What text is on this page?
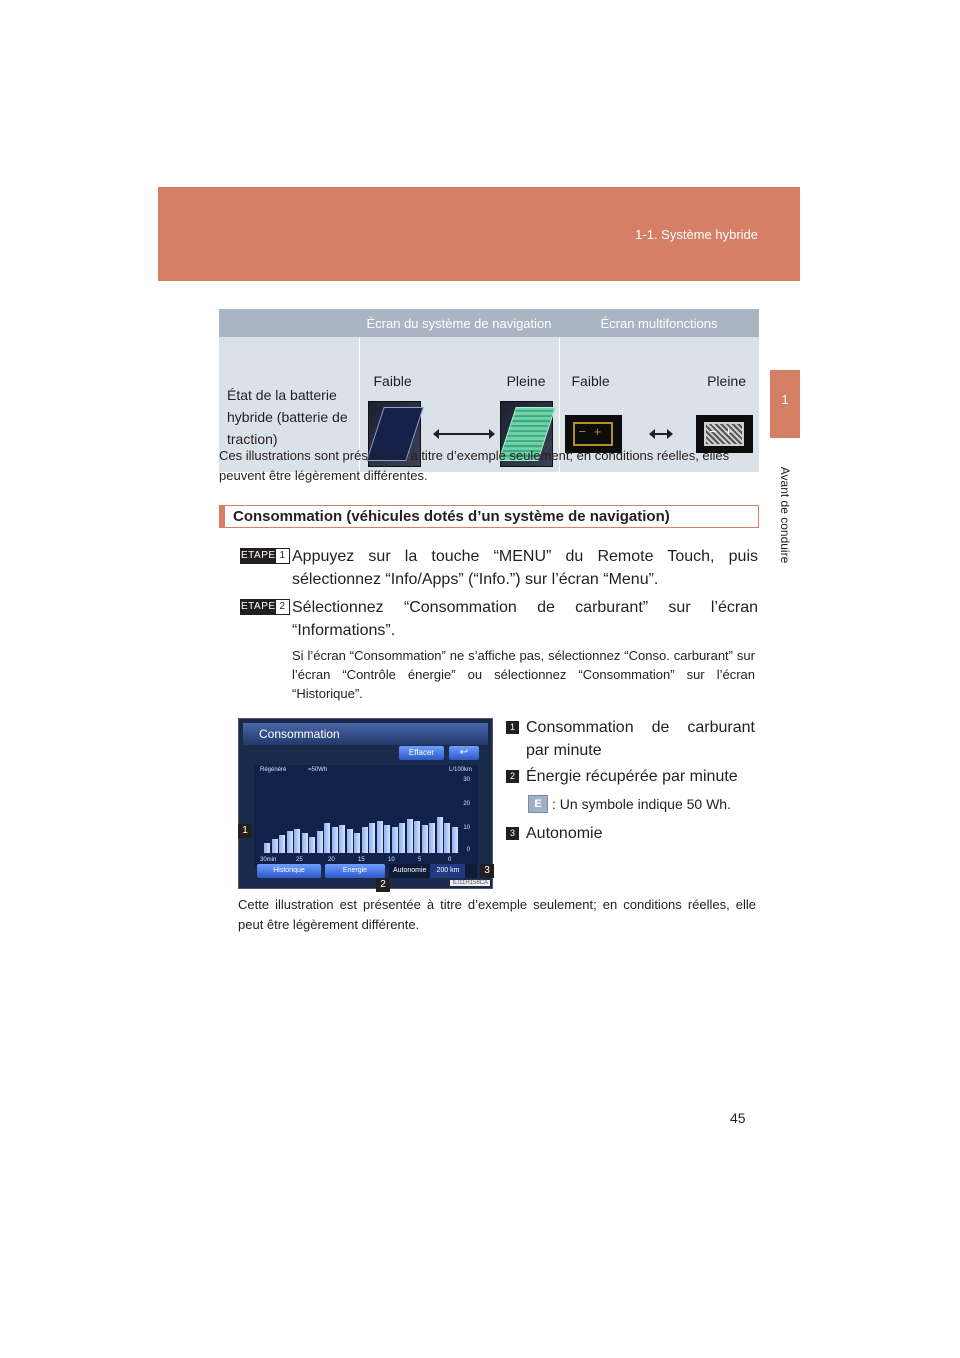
1-1. Système hybride
1
Avant de conduire
	Écran du système de navigation	Écran multifonctions
État de la batterie hybride (batterie de traction)	Faible Pleine	Faible Pleine
− +
− +

Ces illustrations sont présentées à titre d’exemple seulement; en conditions réelles, elles peuvent être légèrement différentes.

Consommation (véhicules dotés d’un système de navigation)
ETAPE 1 Appuyez sur la touche “MENU” du Remote Touch, puis sélectionnez “Info/Apps” (“Info.”) sur l’écran “Menu”.
ETAPE 2 Sélectionnez “Consommation de carburant” sur l’écran “Informations”.

Si l’écran “Consommation” ne s’affiche pas, sélectionnez “Conso. carburant” sur l’écran “Contrôle énergie” ou sélectionnez “Consommation” sur l’écran “Historique”.

Consommation
Effacer	↩
Régénéré	=50Wh	L/100km
30
20
10
0
30min	25	20	15	10	5	0
Historique	Energie	Autonomie 200 km
ILI11H158CA
1
2
3
1 Consommation de carburant par minute
2 Énergie récupérée par minute
E : Un symbole indique 50 Wh.
3 Autonomie

Cette illustration est présentée à titre d’exemple seulement; en conditions réelles, elle peut être légèrement différente.

45
